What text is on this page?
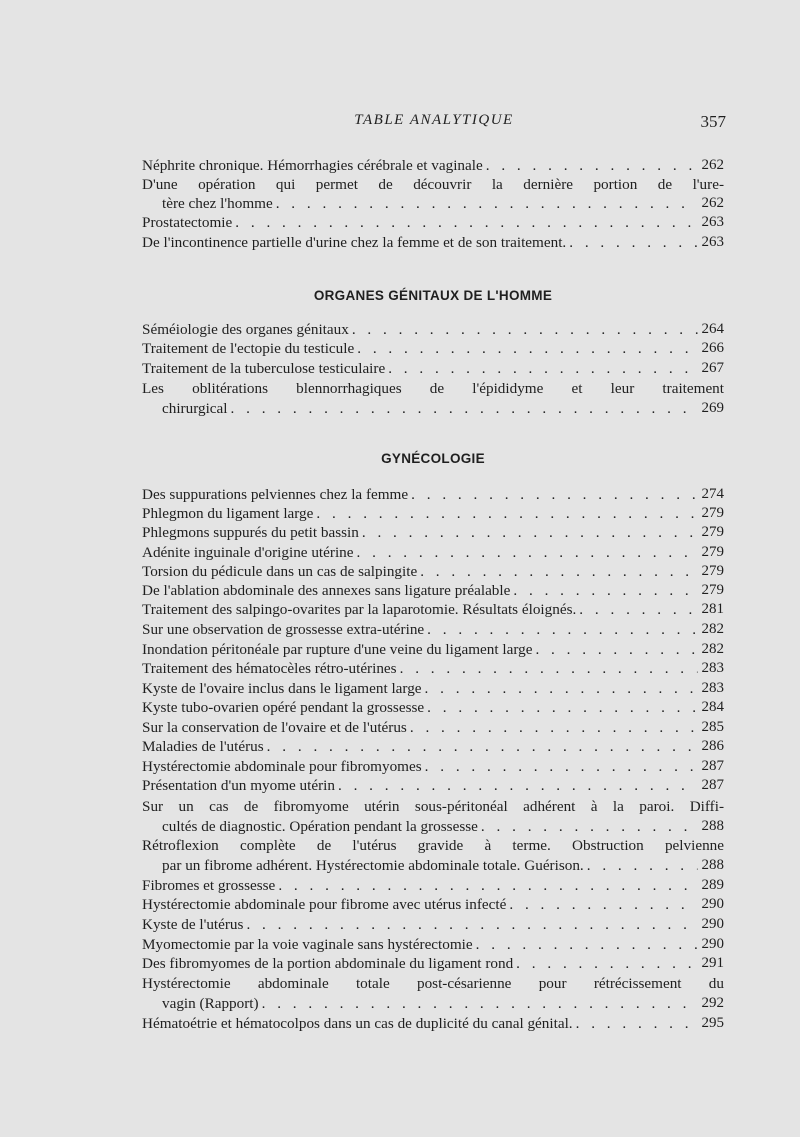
TABLE ANALYTIQUE	357
262
Néphrite chronique. Hémorrhagies cérébrale et vaginale
. . .
D'une opération qui permet de découvrir la dernière portion de l'ure-
262
tère chez l'homme
. . .
263
Prostatectomie
. . .
263
De l'incontinence partielle d'urine chez la femme et de son traitement.
. . .
ORGANES GÉNITAUX DE L'HOMME
264
Séméiologie des organes génitaux
. . .
266
Traitement de l'ectopie du testicule
. . .
267
Traitement de la tuberculose testiculaire
. . .
Les oblitérations blennorrhagiques de l'épididyme et leur traitement
269
chirurgical
. . .
GYNÉCOLOGIE
274
Des suppurations pelviennes chez la femme
. . .
279
Phlegmon du ligament large
. . .
279
Phlegmons suppurés du petit bassin
. . .
279
Adénite inguinale d'origine utérine
. . .
279
Torsion du pédicule dans un cas de salpingite
. . .
279
De l'ablation abdominale des annexes sans ligature préalable
. . .
281
Traitement des salpingo-ovarites par la laparotomie. Résultats éloignés.
. . .
282
Sur une observation de grossesse extra-utérine
. . .
282
Inondation péritonéale par rupture d'une veine du ligament large
. . .
283
Traitement des hématocèles rétro-utérines
. . .
283
Kyste de l'ovaire inclus dans le ligament large
. . .
284
Kyste tubo-ovarien opéré pendant la grossesse
. . .
285
Sur la conservation de l'ovaire et de l'utérus
. . .
286
Maladies de l'utérus
. . .
287
Hystérectomie abdominale pour fibromyomes
. . .
287
Présentation d'un myome utérin
. . .
Sur un cas de fibromyome utérin sous-péritonéal adhérent à la paroi. Diffi-
288
cultés de diagnostic. Opération pendant la grossesse
. . .
Rétroflexion complète de l'utérus gravide à terme. Obstruction pelvienne
288
par un fibrome adhérent. Hystérectomie abdominale totale. Guérison.
. . .
289
Fibromes et grossesse
. . .
290
Hystérectomie abdominale pour fibrome avec utérus infecté
. . .
290
Kyste de l'utérus
. . .
290
Myomectomie par la voie vaginale sans hystérectomie
. . .
291
Des fibromyomes de la portion abdominale du ligament rond
. . .
Hystérectomie abdominale totale post-césarienne pour rétrécissement du
292
vagin (Rapport)
. . .
295
Hématoétrie et hématocolpos dans un cas de duplicité du canal génital.
. . .
